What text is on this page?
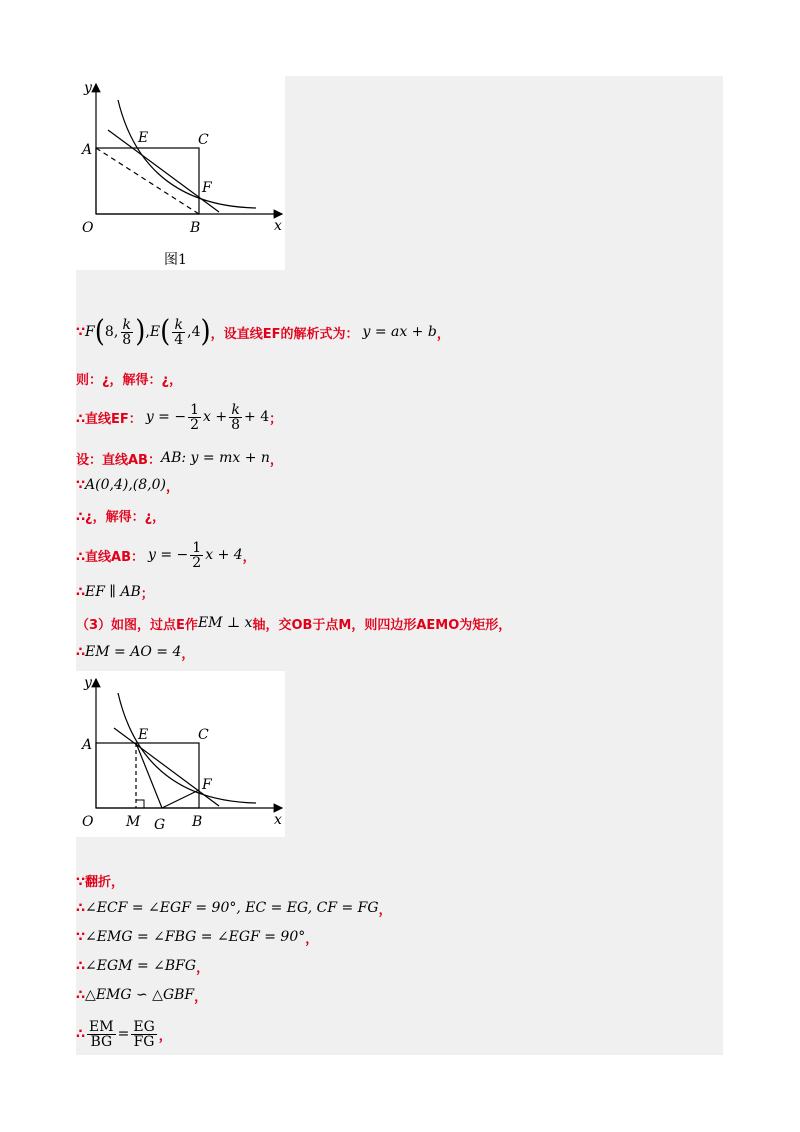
y
x
O
A
E	C
F
B
图1
∵ F ( 8 , $\frac{k}{8}$ ) , E ( $\frac{k}{4}$ , 4 ) ， 设直线EF的解析式为： y = ax + b ，
则：¿，解得：¿，
∴直线EF： y = − $\frac{1}{2}$ $x + \frac{k}{8} + 4$ ；
设：直线AB： AB: y = mx + n ，
∵ A(0,4),(8,0) ，
∴¿，解得：¿，
∴直线AB： y = − $\frac{1}{2}$ x + 4 ，
∴ EF ∥ AB ；
（3）如图，过点E作 EM ⊥ x 轴，交OB于点M，则四边形AEMO为矩形，
∴ EM = AO = 4 ，
y
x
O
A
E	C
F
B
M G
∵翻折，
∴ ∠ECF = ∠EGF = 90°, EC = EG, CF = FG ，
∵ ∠EMG = ∠FBG = ∠EGF = 90° ，
∴ ∠EGM = ∠BFG ，
∴ △EMG ∽ △GBF ，
∴ $\frac{EM}{BG} = \frac{EG}{FG}$ ，
